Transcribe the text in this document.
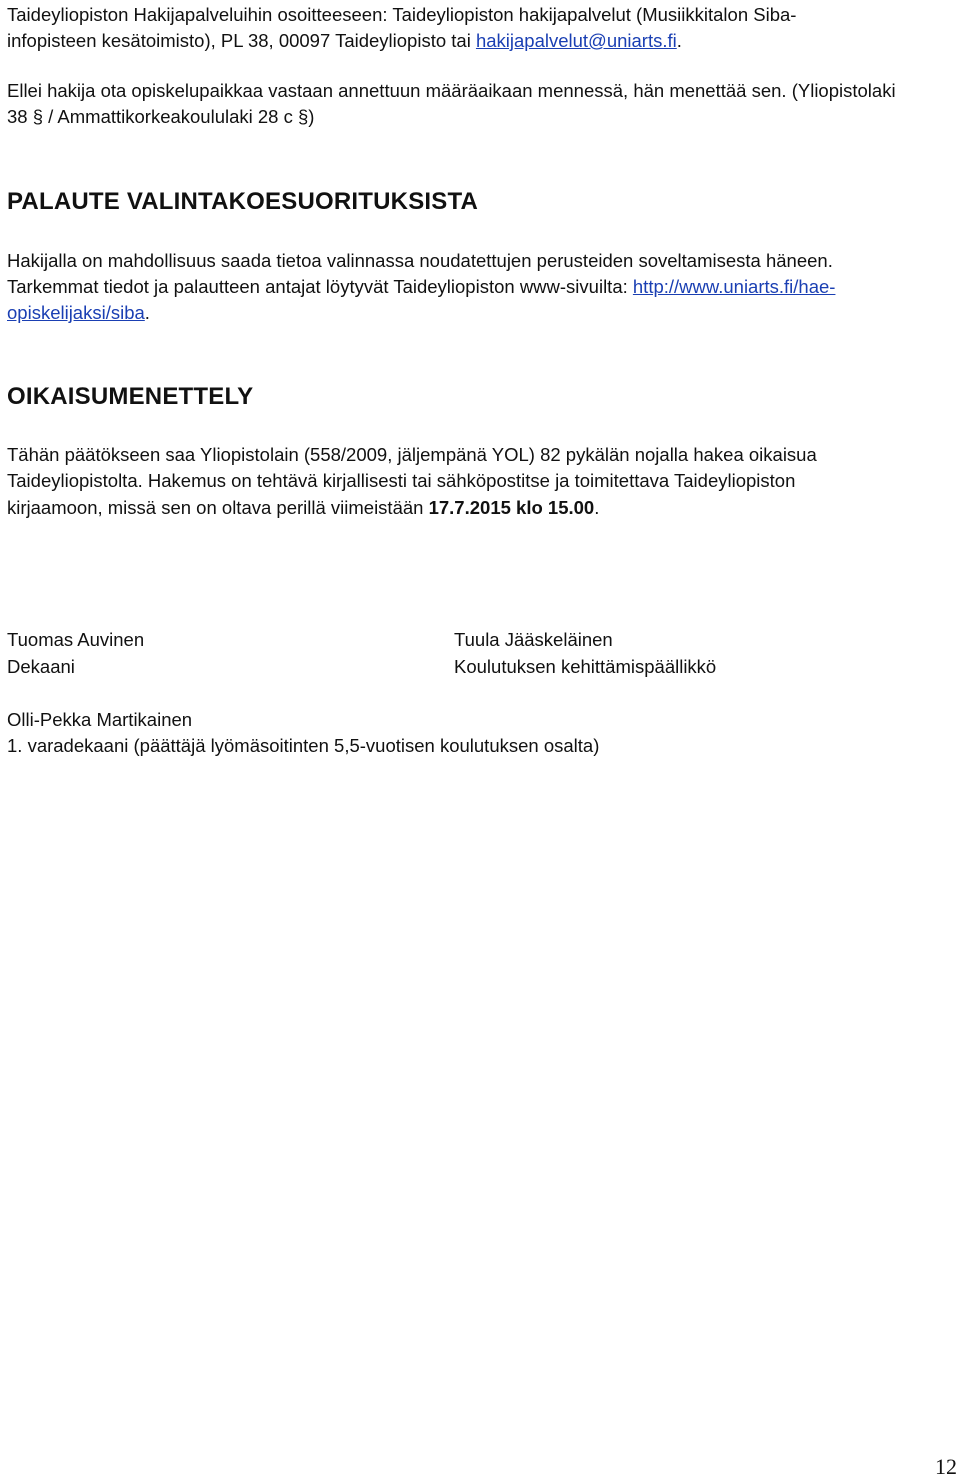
Taideyliopiston Hakijapalveluihin osoitteeseen: Taideyliopiston hakijapalvelut (Musiikkitalon Siba-
infopisteen kesätoimisto), PL 38, 00097 Taideyliopisto tai hakijapalvelut@uniarts.fi.
Ellei hakija ota opiskelupaikkaa vastaan annettuun määräaikaan mennessä, hän menettää sen. (Yliopistolaki
38 § / Ammattikorkeakoululaki 28 c §)
PALAUTE VALINTAKOESUORITUKSISTA
Hakijalla on mahdollisuus saada tietoa valinnassa noudatettujen perusteiden soveltamisesta häneen.
Tarkemmat tiedot ja palautteen antajat löytyvät Taideyliopiston www-sivuilta: http://www.uniarts.fi/hae-
opiskelijaksi/siba.
OIKAISUMENETTELY
Tähän päätökseen saa Yliopistolain (558/2009, jäljempänä YOL) 82 pykälän nojalla hakea oikaisua
Taideyliopistolta. Hakemus on tehtävä kirjallisesti tai sähköpostitse ja toimitettava Taideyliopiston
kirjaamoon, missä sen on oltava perillä viimeistään 17.7.2015 klo 15.00.
Tuomas Auvinen
Dekaani
Tuula Jääskeläinen
Koulutuksen kehittämispäällikkö
Olli-Pekka Martikainen
1. varadekaani (päättäjä lyömäsoitinten 5,5-vuotisen koulutuksen osalta)
12
